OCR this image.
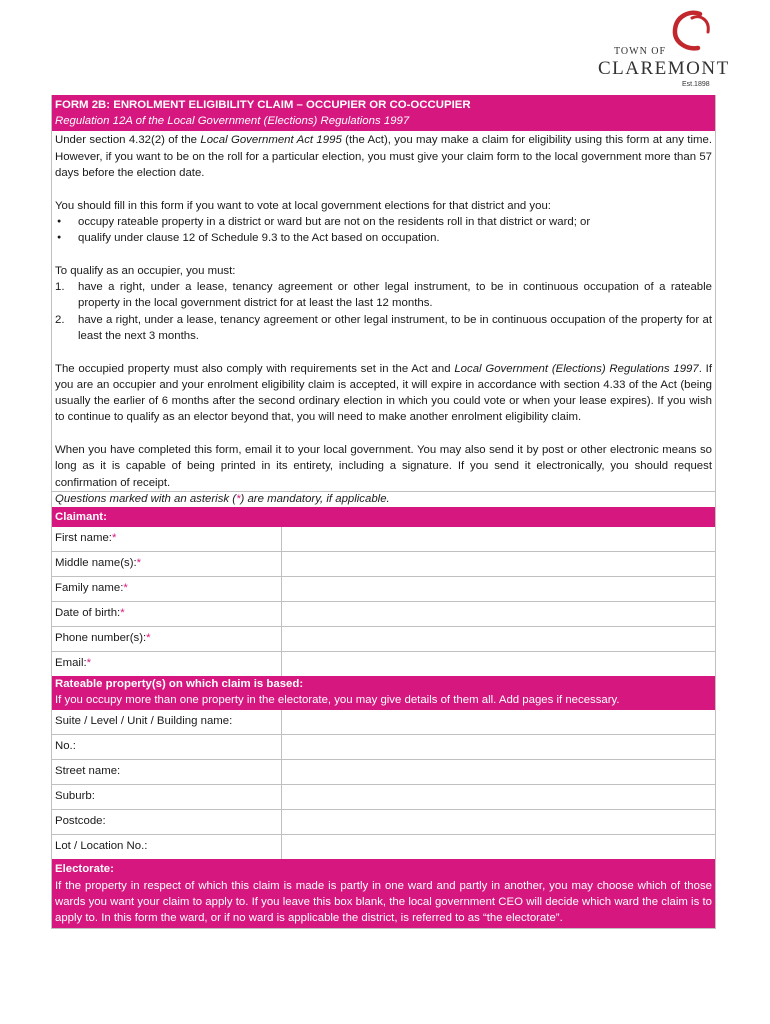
TOWN OF
CLAREMONT
Est.1898
FORM 2B: ENROLMENT ELIGIBILITY CLAIM – OCCUPIER OR CO-OCCUPIER
Regulation 12A of the Local Government (Elections) Regulations 1997

Under section 4.32(2) of the Local Government Act 1995 (the Act), you may make a claim for eligibility using this form at any time. However, if you want to be on the roll for a particular election, you must give your claim form to the local government more than 57 days before the election date.

You should fill in this form if you want to vote at local government elections for that district and you:

● occupy rateable property in a district or ward but are not on the residents roll in that district or ward; or
● qualify under clause 12 of Schedule 9.3 to the Act based on occupation.

To qualify as an occupier, you must:

1. have a right, under a lease, tenancy agreement or other legal instrument, to be in continuous occupation of a rateable property in the local government district for at least the last 12 months.
2. have a right, under a lease, tenancy agreement or other legal instrument, to be in continuous occupation of the property for at least the next 3 months.

The occupied property must also comply with requirements set in the Act and Local Government (Elections) Regulations 1997. If you are an occupier and your enrolment eligibility claim is accepted, it will expire in accordance with section 4.33 of the Act (being usually the earlier of 6 months after the second ordinary election in which you could vote or when your lease expires). If you wish to continue to qualify as an elector beyond that, you will need to make another enrolment eligibility claim.

When you have completed this form, email it to your local government. You may also send it by post or other electronic means so long as it is capable of being printed in its entirety, including a signature. If you send it electronically, you should request confirmation of receipt.

Questions marked with an asterisk (*) are mandatory, if applicable.
Claimant:
First name:*
Middle name(s):*
Family name:*
Date of birth:*
Phone number(s):*
Email:*
Rateable property(s) on which claim is based:
If you occupy more than one property in the electorate, you may give details of them all. Add pages if necessary.
Suite / Level / Unit / Building name:
No.:
Street name:
Suburb:
Postcode:
Lot / Location No.:
Electorate:
If the property in respect of which this claim is made is partly in one ward and partly in another, you may choose which of those wards you want your claim to apply to. If you leave this box blank, the local government CEO will decide which ward the claim is to apply to. In this form the ward, or if no ward is applicable the district, is referred to as “the electorate”.
